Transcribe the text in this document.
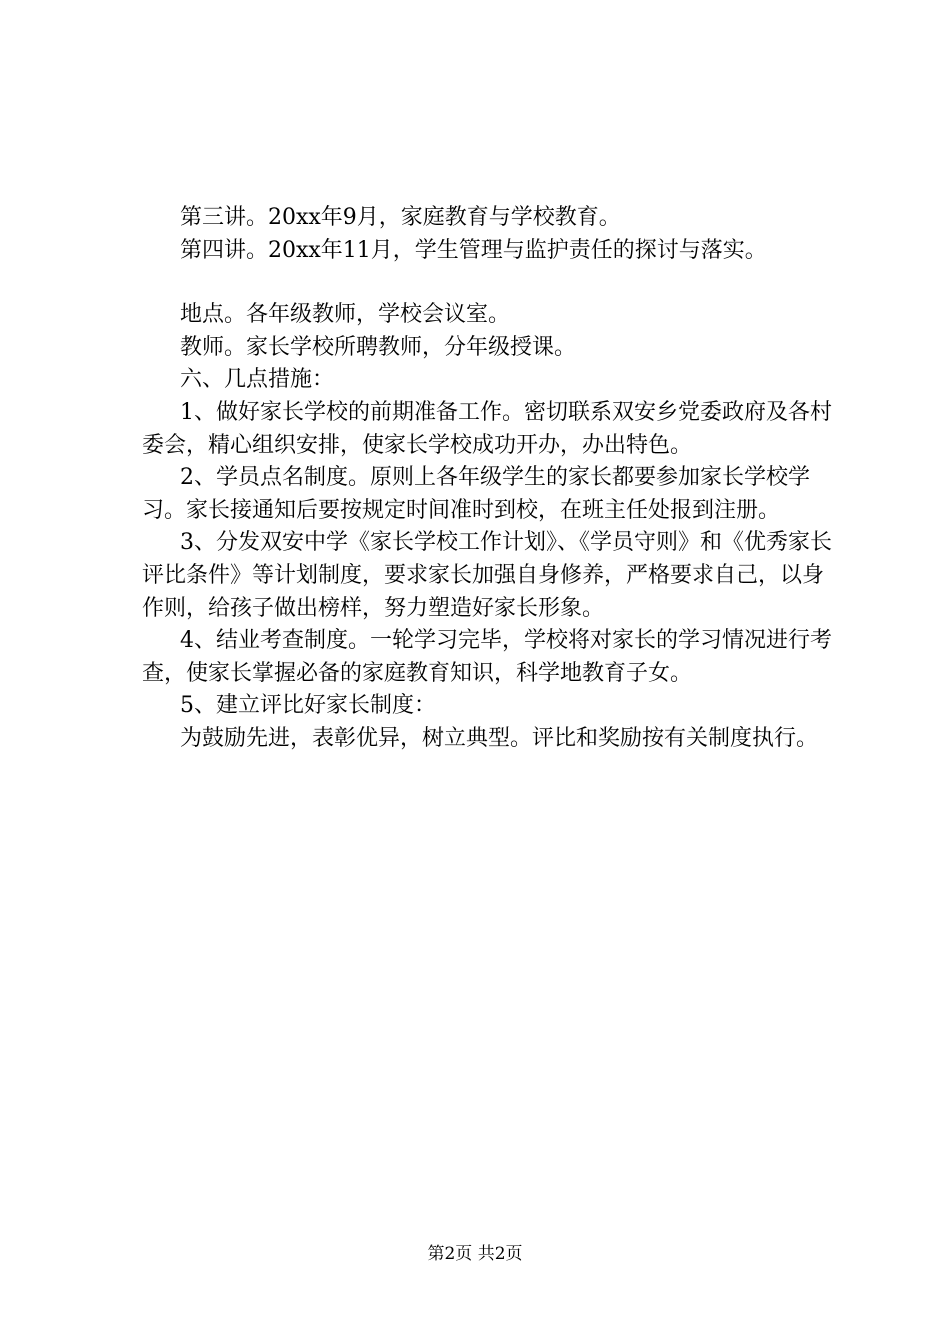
第三讲。20xx年9月，家庭教育与学校教育。

第四讲。20xx年11月，学生管理与监护责任的探讨与落实。

地点。各年级教师，学校会议室。

教师。家长学校所聘教师，分年级授课。

六、几点措施：

1、做好家长学校的前期准备工作。密切联系双安乡党委政府及各村委会，精心组织安排，使家长学校成功开办，办出特色。

2、学员点名制度。原则上各年级学生的家长都要参加家长学校学习。家长接通知后要按规定时间准时到校，在班主任处报到注册。

3、分发双安中学《家长学校工作计划》、《学员守则》和《优秀家长评比条件》等计划制度，要求家长加强自身修养，严格要求自己，以身作则，给孩子做出榜样，努力塑造好家长形象。

4、结业考查制度。一轮学习完毕，学校将对家长的学习情况进行考查，使家长掌握必备的家庭教育知识，科学地教育子女。

5、建立评比好家长制度：

为鼓励先进，表彰优异，树立典型。评比和奖励按有关制度执行。

第2页 共2页
